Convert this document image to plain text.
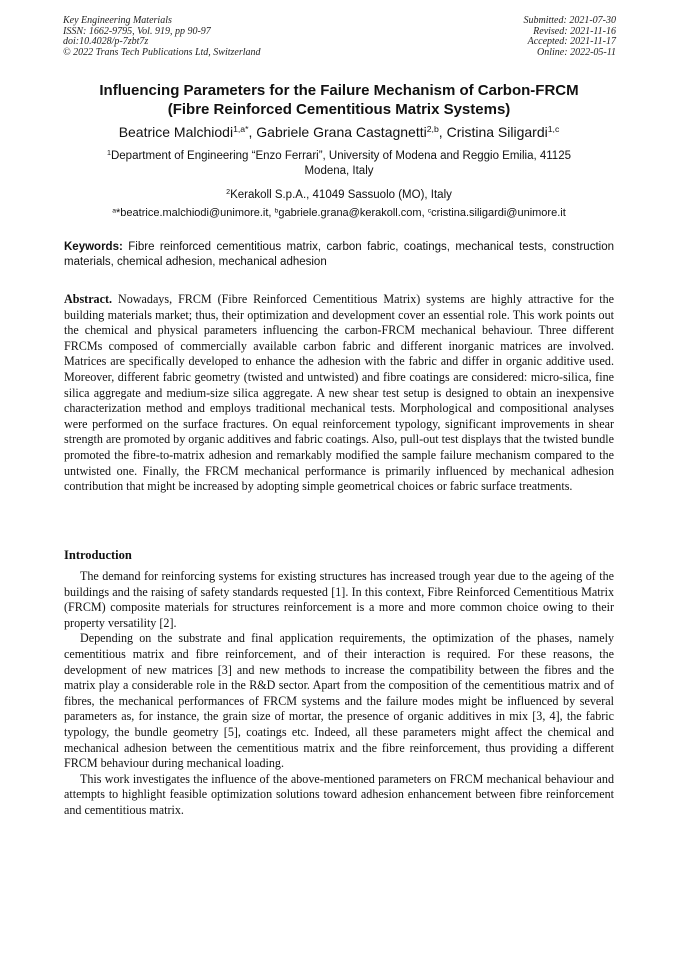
Key Engineering Materials
ISSN: 1662-9795, Vol. 919, pp 90-97
doi:10.4028/p-7zbt7z
© 2022 Trans Tech Publications Ltd, Switzerland
Submitted: 2021-07-30
Revised: 2021-11-16
Accepted: 2021-11-17
Online: 2022-05-11
Influencing Parameters for the Failure Mechanism of Carbon-FRCM
(Fibre Reinforced Cementitious Matrix Systems)
Beatrice Malchiodi$^{1,a*}$, Gabriele Grana Castagnetti$^{2,b}$, Cristina Siligardi$^{1,c}$
$^1$Department of Engineering “Enzo Ferrari”, University of Modena and Reggio Emilia, 41125
Modena, Italy
$^2$Kerakoll S.p.A., 41049 Sassuolo (MO), Italy
$^a$*beatrice.malchiodi@unimore.it, $^b$gabriele.grana@kerakoll.com, $^c$cristina.siligardi@unimore.it
Keywords: Fibre reinforced cementitious matrix, carbon fabric, coatings, mechanical tests, construction materials, chemical adhesion, mechanical adhesion
Abstract. Nowadays, FRCM (Fibre Reinforced Cementitious Matrix) systems are highly attractive for the building materials market; thus, their optimization and development cover an essential role. This work points out the chemical and physical parameters influencing the carbon-FRCM mechanical behaviour. Three different FRCMs composed of commercially available carbon fabric and different inorganic matrices are involved. Matrices are specifically developed to enhance the adhesion with the fabric and differ in organic additive used. Moreover, different fabric geometry (twisted and untwisted) and fibre coatings are considered: micro-silica, fine silica aggregate and medium-size silica aggregate. A new shear test setup is designed to obtain an inexpensive characterization method and employs traditional mechanical tests. Morphological and compositional analyses were performed on the surface fractures. On equal reinforcement typology, significant improvements in shear strength are promoted by organic additives and fabric coatings. Also, pull-out test displays that the twisted bundle promoted the fibre-to-matrix adhesion and remarkably modified the sample failure mechanism compared to the untwisted one. Finally, the FRCM mechanical performance is primarily influenced by mechanical adhesion contribution that might be increased by adopting simple geometrical choices or fabric surface treatments.
Introduction

The demand for reinforcing systems for existing structures has increased trough year due to the ageing of the buildings and the raising of safety standards requested [1]. In this context, Fibre Reinforced Cementitious Matrix (FRCM) composite materials for structures reinforcement is a more and more common choice owing to their property versatility [2].

Depending on the substrate and final application requirements, the optimization of the phases, namely cementitious matrix and fibre reinforcement, and of their interaction is required. For these reasons, the development of new matrices [3] and new methods to increase the compatibility between the fibres and the matrix play a considerable role in the R&D sector. Apart from the composition of the cementitious matrix and of fibres, the mechanical performances of FRCM systems and the failure modes might be influenced by several parameters as, for instance, the grain size of mortar, the presence of organic additives in mix [3, 4], the fabric typology, the bundle geometry [5], coatings etc. Indeed, all these parameters might affect the chemical and mechanical adhesion between the cementitious matrix and the fibre reinforcement, thus providing a different FRCM behaviour during mechanical loading.

This work investigates the influence of the above-mentioned parameters on FRCM mechanical behaviour and attempts to highlight feasible optimization solutions toward adhesion enhancement between fibre reinforcement and cementitious matrix.
